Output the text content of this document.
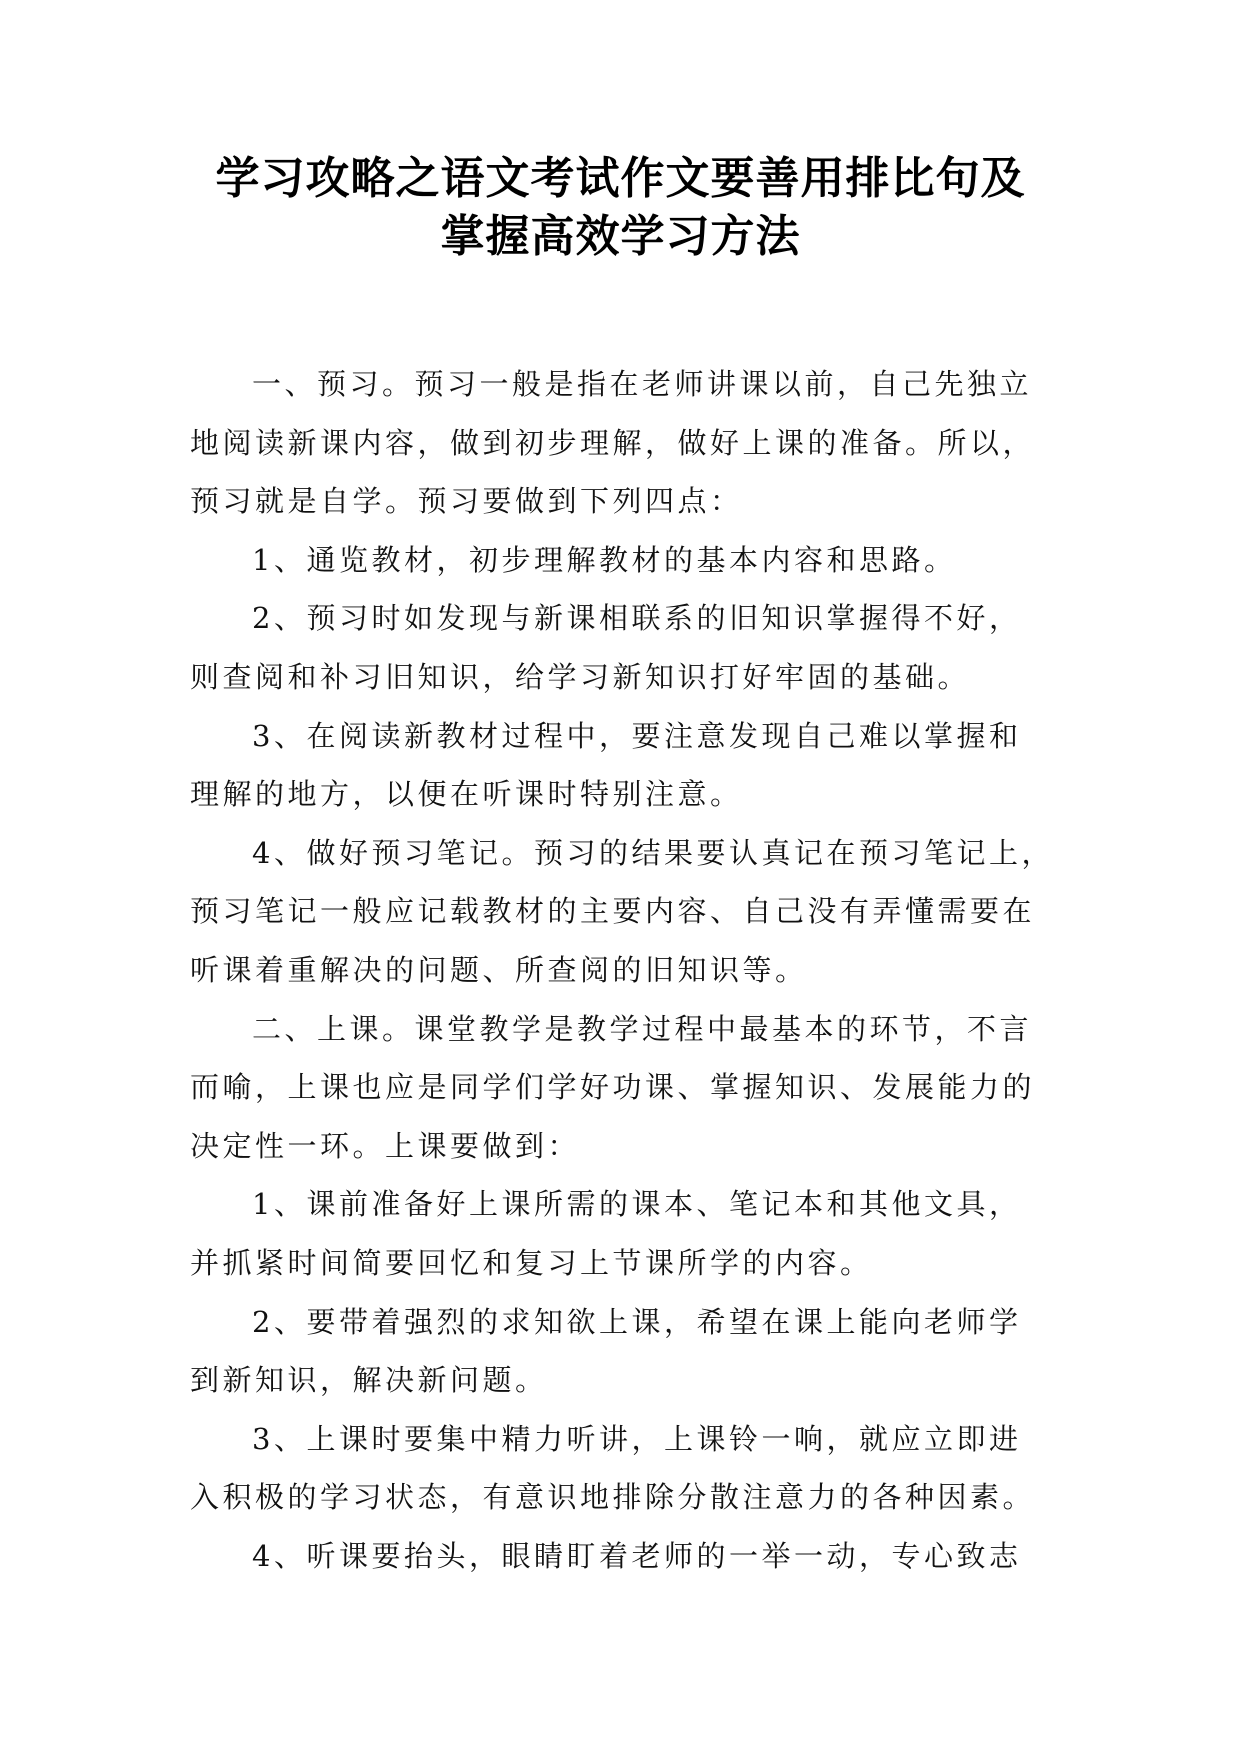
学习攻略之语文考试作文要善用排比句及
掌握高效学习方法
一、预习。预习一般是指在老师讲课以前，自己先独立
地阅读新课内容，做到初步理解，做好上课的准备。所以，
预习就是自学。预习要做到下列四点：
1、通览教材，初步理解教材的基本内容和思路。
2、预习时如发现与新课相联系的旧知识掌握得不好，
则查阅和补习旧知识，给学习新知识打好牢固的基础。
3、在阅读新教材过程中，要注意发现自己难以掌握和
理解的地方，以便在听课时特别注意。
4、做好预习笔记。预习的结果要认真记在预习笔记上，
预习笔记一般应记载教材的主要内容、自己没有弄懂需要在
听课着重解决的问题、所查阅的旧知识等。
二、上课。课堂教学是教学过程中最基本的环节，不言
而喻，上课也应是同学们学好功课、掌握知识、发展能力的
决定性一环。上课要做到：
1、课前准备好上课所需的课本、笔记本和其他文具，
并抓紧时间简要回忆和复习上节课所学的内容。
2、要带着强烈的求知欲上课，希望在课上能向老师学
到新知识，解决新问题。
3、上课时要集中精力听讲，上课铃一响，就应立即进
入积极的学习状态，有意识地排除分散注意力的各种因素。
4、听课要抬头，眼睛盯着老师的一举一动，专心致志
